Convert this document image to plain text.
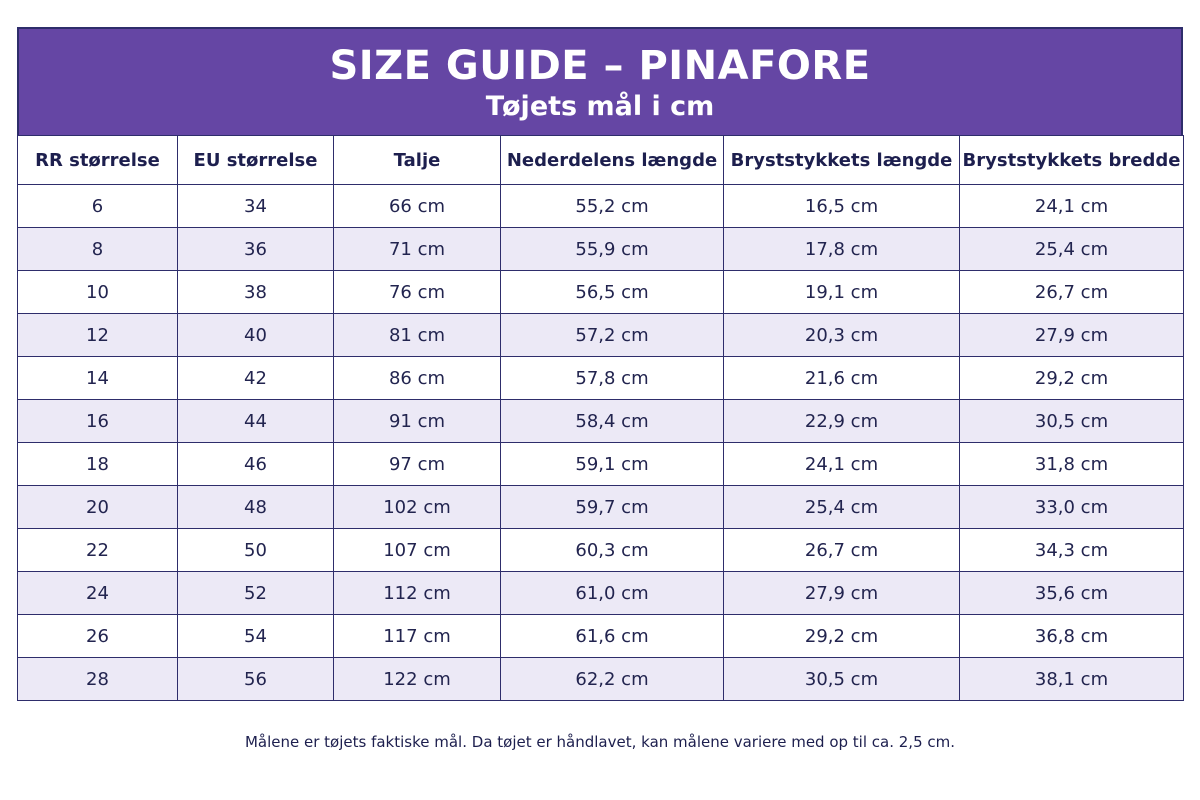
SIZE GUIDE – PINAFORE
Tøjets mål i cm
RR størrelse	EU størrelse	Talje	Nederdelens længde	Bryststykkets længde	Bryststykkets bredde
6	34	66 cm	55,2 cm	16,5 cm	24,1 cm
8	36	71 cm	55,9 cm	17,8 cm	25,4 cm
10	38	76 cm	56,5 cm	19,1 cm	26,7 cm
12	40	81 cm	57,2 cm	20,3 cm	27,9 cm
14	42	86 cm	57,8 cm	21,6 cm	29,2 cm
16	44	91 cm	58,4 cm	22,9 cm	30,5 cm
18	46	97 cm	59,1 cm	24,1 cm	31,8 cm
20	48	102 cm	59,7 cm	25,4 cm	33,0 cm
22	50	107 cm	60,3 cm	26,7 cm	34,3 cm
24	52	112 cm	61,0 cm	27,9 cm	35,6 cm
26	54	117 cm	61,6 cm	29,2 cm	36,8 cm
28	56	122 cm	62,2 cm	30,5 cm	38,1 cm
Målene er tøjets faktiske mål. Da tøjet er håndlavet, kan målene variere med op til ca. 2,5 cm.
